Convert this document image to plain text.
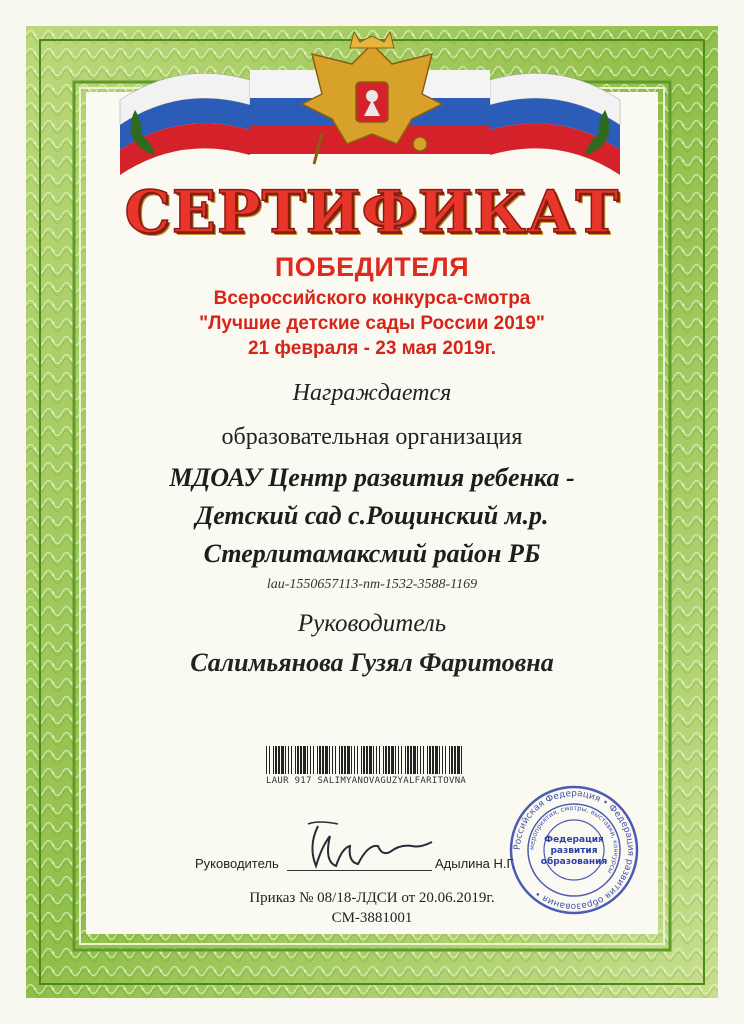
СЕРТИФИКАТ
ПОБЕДИТЕЛЯ
Всероссийского конкурса-смотра
"Лучшие детские сады России 2019"
21 февраля - 23 мая 2019г.
Награждается
образовательная организация
МДОАУ Центр развития ребенка -
Детский сад с.Рощинский м.р.
Стерлитамаксмий район РБ
lau-1550657113-nm-1532-3588-1169
Руководитель
Салимьянова Гузял Фаритовна
LAUR 917 SALIMYANOVAGUZYALFARITOVNA
Руководитель	Адылина Н.Г.
Российская Федерация • Федерация развития образования •
мероприятия, смотры, выставки, конкурсы
Федерация
развития
образования
Приказ № 08/18-ЛДСИ от 20.06.2019г.
СМ-3881001
